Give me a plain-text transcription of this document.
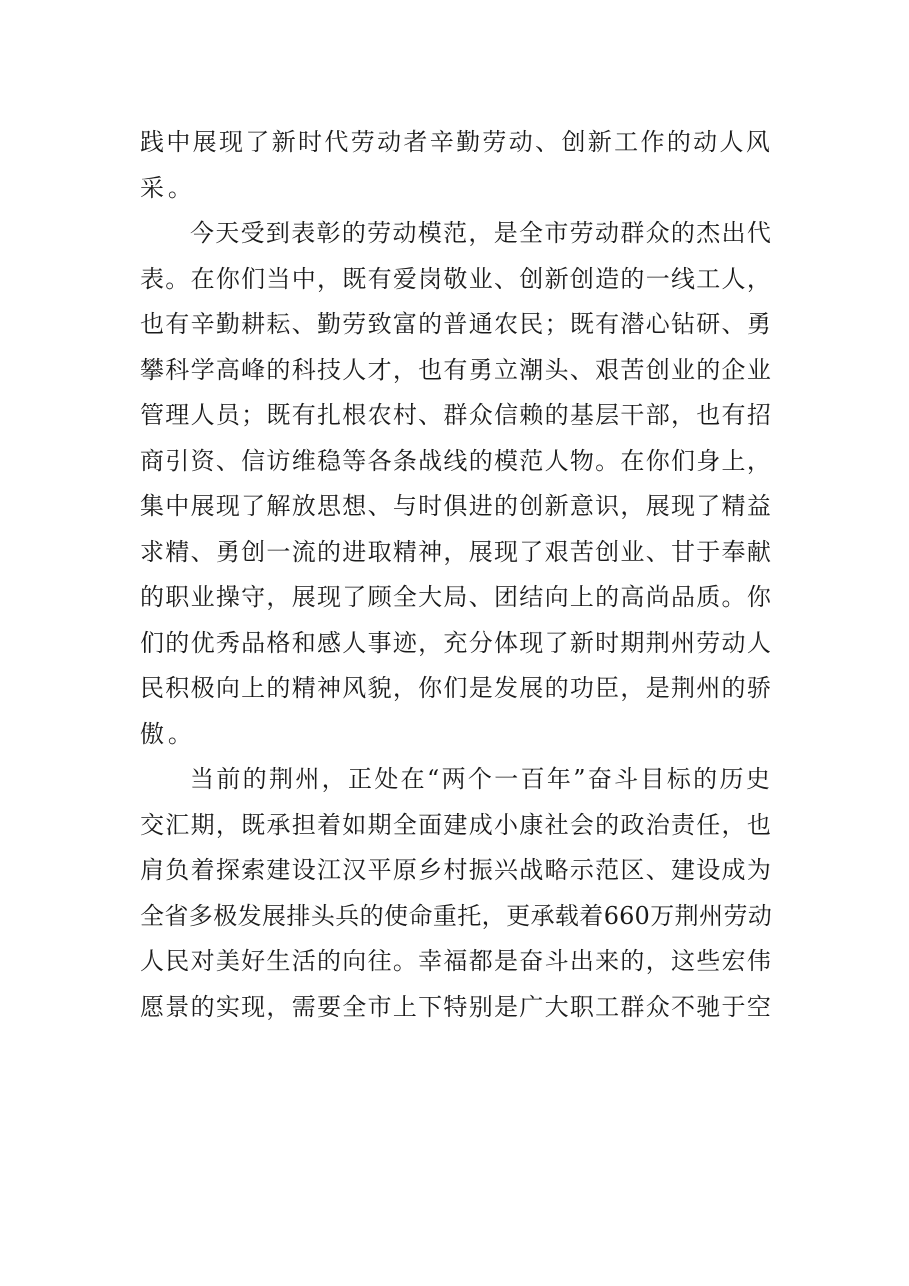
践中展现了新时代劳动者辛勤劳动、创新工作的动人风
采。
今天受到表彰的劳动模范，是全市劳动群众的杰出代
表。在你们当中，既有爱岗敬业、创新创造的一线工人，
也有辛勤耕耘、勤劳致富的普通农民；既有潜心钻研、勇
攀科学高峰的科技人才，也有勇立潮头、艰苦创业的企业
管理人员；既有扎根农村、群众信赖的基层干部，也有招
商引资、信访维稳等各条战线的模范人物。在你们身上，
集中展现了解放思想、与时俱进的创新意识，展现了精益
求精、勇创一流的进取精神，展现了艰苦创业、甘于奉献
的职业操守，展现了顾全大局、团结向上的高尚品质。你
们的优秀品格和感人事迹，充分体现了新时期荆州劳动人
民积极向上的精神风貌，你们是发展的功臣，是荆州的骄
傲。
当前的荆州，正处在“两个一百年”奋斗目标的历史
交汇期，既承担着如期全面建成小康社会的政治责任，也
肩负着探索建设江汉平原乡村振兴战略示范区、建设成为
全省多极发展排头兵的使命重托，更承载着660万荆州劳动
人民对美好生活的向往。幸福都是奋斗出来的，这些宏伟
愿景的实现，需要全市上下特别是广大职工群众不驰于空
